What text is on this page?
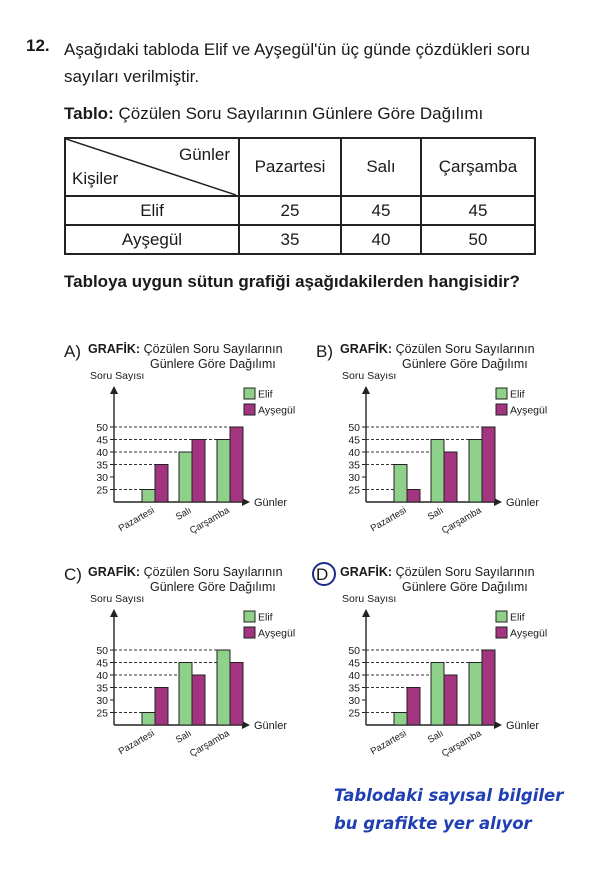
12. Aşağıdaki tabloda Elif ve Ayşegül'ün üç günde çözdükleri soru sayıları verilmiştir.
Tablo: Çözülen Soru Sayılarının Günlere Göre Dağılımı
Günler
Kişiler	Pazartesi	Salı	Çarşamba
Elif	25	45	45
Ayşegül	35	40	50
Tabloya uygun sütun grafiği aşağıdakilerden hangisidir?
A) GRAFİK: Çözülen Soru Sayılarının
Günlere Göre Dağılımı
Soru Sayısı
Günler
25
30
35
40
45
50
Pazartesi Salı
Çarşamba
Elif
Ayşegül
B) GRAFİK: Çözülen Soru Sayılarının
Günlere Göre Dağılımı
Soru Sayısı
Günler
25
30
35
40
45
50
Pazartesi Salı
Çarşamba
Elif
Ayşegül
C) GRAFİK: Çözülen Soru Sayılarının
Günlere Göre Dağılımı
Soru Sayısı
Günler
25
30
35
40
45
50
Pazartesi Salı
Çarşamba
Elif
Ayşegül
D GRAFİK: Çözülen Soru Sayılarının
Günlere Göre Dağılımı
Soru Sayısı
Günler
25
30
35
40
45
50
Pazartesi Salı
Çarşamba
Elif
Ayşegül
Tablodaki sayısal bilgiler
bu grafikte yer alıyor
